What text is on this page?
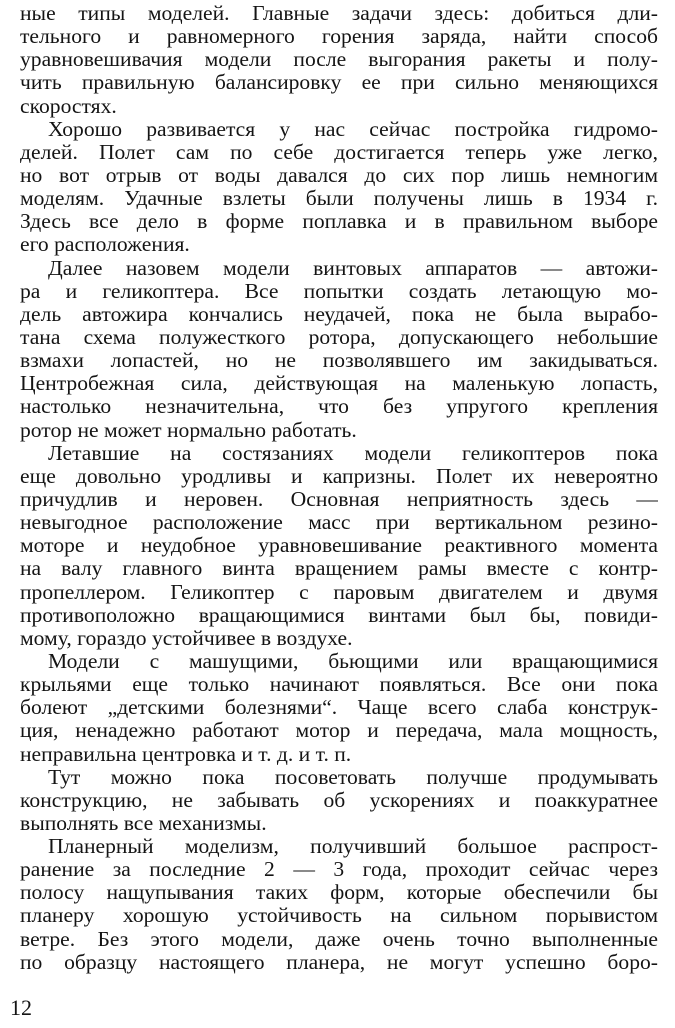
ные типы моделей. Главные задачи здесь: добиться дли-
тельного и равномерного горения заряда, найти способ
уравновешивачия модели после выгорания ракеты и полу-
чить правильную балансировку ее при сильно меняющихся
скоростях.
Хорошо развивается у нас сейчас постройка гидромо-
делей. Полет сам по себе достигается теперь уже легко,
но вот отрыв от воды давался до сих пор лишь немногим
моделям. Удачные взлеты были получены лишь в 1934 г.
Здесь все дело в форме поплавка и в правильном выборе
его расположения.
Далее назовем модели винтовых аппаратов — автожи-
ра и геликоптера. Все попытки создать летающую мо-
дель автожира кончались неудачей, пока не была вырабо-
тана схема полужесткого ротора, допускающего небольшие
взмахи лопастей, но не позволявшего им закидываться.
Центробежная сила, действующая на маленькую лопасть,
настолько незначительна, что без упругого крепления
ротор не может нормально работать.
Летавшие на состязаниях модели геликоптеров пока
еще довольно уродливы и капризны. Полет их невероятно
причудлив и неровен. Основная неприятность здесь —
невыгодное расположение масс при вертикальном резино-
моторе и неудобное уравновешивание реактивного момента
на валу главного винта вращением рамы вместе с контр-
пропеллером. Геликоптер с паровым двигателем и двумя
противоположно вращающимися винтами был бы, повиди-
мому, гораздо устойчивее в воздухе.
Модели с машущими, бьющими или вращающимися
крыльями еще только начинают появляться. Все они пока
болеют „детскими болезнями“. Чаще всего слаба конструк-
ция, ненадежно работают мотор и передача, мала мощность,
неправильна центровка и т. д. и т. п.
Тут можно пока посоветовать получше продумывать
конструкцию, не забывать об ускорениях и поаккуратнее
выполнять все механизмы.
Планерный моделизм, получивший большое распрост-
ранение за последние 2 — 3 года, проходит сейчас через
полосу нащупывания таких форм, которые обеспечили бы
планеру хорошую устойчивость на сильном порывистом
ветре. Без этого модели, даже очень точно выполненные
по образцу настоящего планера, не могут успешно боро-
12
